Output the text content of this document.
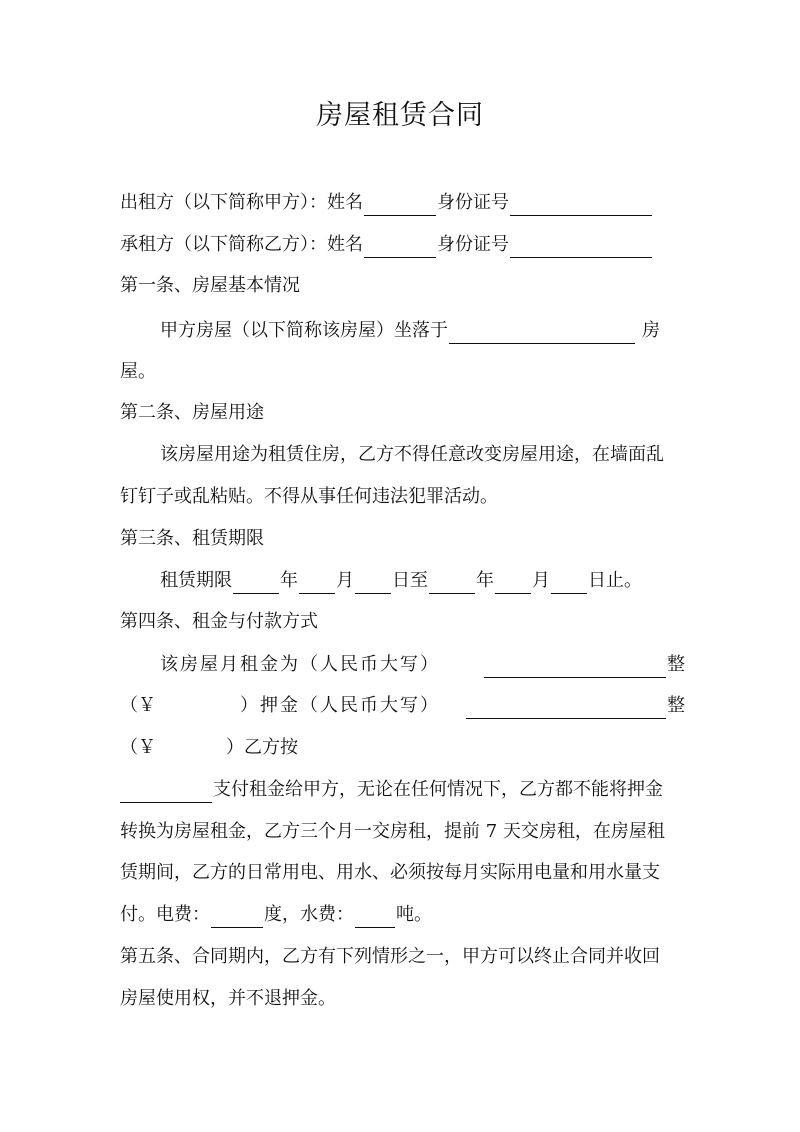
房屋租赁合同
出租方（以下简称甲方）：姓名	身份证号
承租方（以下简称乙方）：姓名	身份证号
第一条、房屋基本情况
甲方房屋（以下简称该房屋）坐落于	房
屋。
第二条、房屋用途
该房屋用途为租赁住房，乙方不得任意改变房屋用途，在墙面乱
钉钉子或乱粘贴。不得从事任何违法犯罪活动。
第三条、租赁期限
租赁期限	年 月 日至	年 月 日止。
第四条、租金与付款方式
该房屋月租金为（人民币大写）	整
（￥	）押金（人民币大写）	整
（￥	）乙方按
支付租金给甲方，无论在任何情况下，乙方都不能将押金
转换为房屋租金，乙方三个月一交房租，提前 7 天交房租，在房屋租
赁期间，乙方的日常用电、用水、必须按每月实际用电量和用水量支
付。电费：	度，水费： 吨。
第五条、合同期内，乙方有下列情形之一，甲方可以终止合同并收回
房屋使用权，并不退押金。
